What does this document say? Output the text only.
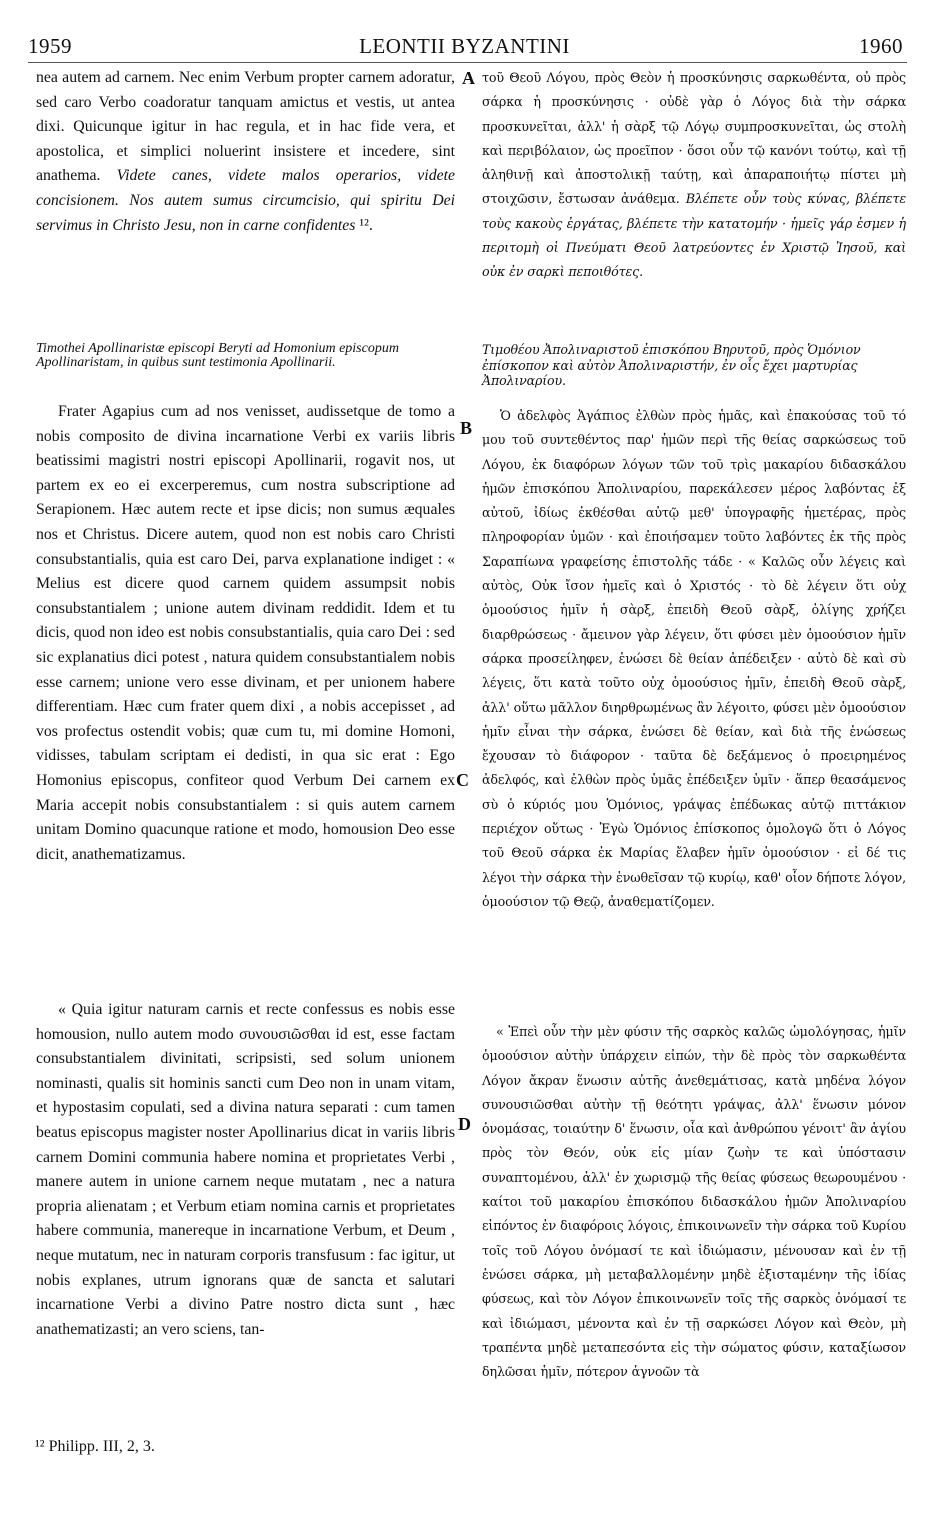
1959	LEONTII BYZANTINI	1960

nea autem ad carnem. Nec enim Verbum propter carnem adoratur, sed caro Verbo coadoratur tanquam amictus et vestis, ut antea dixi. Quicunque igitur in hac regula, et in hac fide vera, et apostolica, et simplici noluerint insistere et incedere, sint anathema. Videte canes, videte malos operarios, videte concisionem. Nos autem sumus circumcisio, qui spiritu Dei servimus in Christo Jesu, non in carne confidentes ¹².

Timothei Apollinaristæ episcopi Beryti ad Homonium episcopum Apollinaristam, in quibus sunt testimonia Apollinarii.

Frater Agapius cum ad nos venisset, audissetque de tomo a nobis composito de divina incarnatione Verbi ex variis libris beatissimi magistri nostri episcopi Apollinarii, rogavit nos, ut partem ex eo ei excerperemus, cum nostra subscriptione ad Serapionem. Hæc autem recte et ipse dicis; non sumus æquales nos et Christus. Dicere autem, quod non est nobis caro Christi consubstantialis, quia est caro Dei, parva explanatione indiget : « Melius est dicere quod carnem quidem assumpsit nobis consubstantialem ; unione autem divinam reddidit. Idem et tu dicis, quod non ideo est nobis consubstantialis, quia caro Dei : sed sic explanatius dici potest , natura quidem consubstantialem nobis esse carnem; unione vero esse divinam, et per unionem habere differentiam. Hæc cum frater quem dixi , a nobis accepisset , ad vos profectus ostendit vobis; quæ cum tu, mi domine Homoni, vidisses, tabulam scriptam ei dedisti, in qua sic erat : Ego Homonius episcopus, confiteor quod Verbum Dei carnem ex Maria accepit nobis consubstantialem : si quis autem carnem unitam Domino quacunque ratione et modo, homousion Deo esse dicit, anathematizamus.

« Quia igitur naturam carnis et recte confessus es nobis esse homousion, nullo autem modo συνουσιῶσθαι id est, esse factam consubstantialem divinitati, scripsisti, sed solum unionem nominasti, qualis sit hominis sancti cum Deo non in unam vitam, et hypostasim copulati, sed a divina natura separati : cum tamen beatus episcopus magister noster Apollinarius dicat in variis libris carnem Domini communia habere nomina et proprietates Verbi , manere autem in unione carnem neque mutatam , nec a natura propria alienatam ; et Verbum etiam nomina carnis et proprietates habere communia, manereque in incarnatione Verbum, et Deum , neque mutatum, nec in naturam corporis transfusum : fac igitur, ut nobis explanes, utrum ignorans quæ de sancta et salutari incarnatione Verbi a divino Patre nostro dicta sunt , hæc anathematizasti; an vero sciens, tan-

A
B
C
D

τοῦ Θεοῦ Λόγου, πρὸς Θεὸν ἡ προσκύνησις σαρκωθέντα, οὐ πρὸς σάρκα ἡ προσκύνησις · οὐδὲ γὰρ ὁ Λόγος διὰ τὴν σάρκα προσκυνεῖται, ἀλλ' ἡ σὰρξ τῷ Λόγῳ συμπροσκυνεῖται, ὡς στολὴ καὶ περιβόλαιον, ὡς προεῖπον · ὅσοι οὖν τῷ κανόνι τούτῳ, καὶ τῇ ἀληθινῇ καὶ ἀποστολικῇ ταύτῃ, καὶ ἀπαραποιήτῳ πίστει μὴ στοιχῶσιν, ἔστωσαν ἀνάθεμα. Βλέπετε οὖν τοὺς κύνας, βλέπετε τοὺς κακοὺς ἐργάτας, βλέπετε τὴν κατατομήν · ἡμεῖς γάρ ἐσμεν ἡ περιτομὴ οἱ Πνεύματι Θεοῦ λατρεύοντες ἐν Χριστῷ Ἰησοῦ, καὶ οὐκ ἐν σαρκὶ πεποιθότες.

Τιμοθέου Ἀπολιναριστοῦ ἐπισκόπου Βηρυτοῦ, πρὸς Ὁμόνιον ἐπίσκοπον καὶ αὐτὸν Ἀπολιναριστήν, ἐν οἷς ἔχει μαρτυρίας Ἀπολιναρίου.

Ὁ ἀδελφὸς Ἀγάπιος ἐλθὼν πρὸς ἡμᾶς, καὶ ἐπακούσας τοῦ τό μου τοῦ συντεθέντος παρ' ἡμῶν περὶ τῆς θείας σαρκώσεως τοῦ Λόγου, ἐκ διαφόρων λόγων τῶν τοῦ τρὶς μακαρίου διδασκάλου ἡμῶν ἐπισκόπου Ἀπολιναρίου, παρεκάλεσεν μέρος λαβόντας ἐξ αὐτοῦ, ἰδίως ἐκθέσθαι αὐτῷ μεθ' ὑπογραφῆς ἡμετέρας, πρὸς πληροφορίαν ὑμῶν · καὶ ἐποιήσαμεν τοῦτο λαβόντες ἐκ τῆς πρὸς Σαραπίωνα γραφείσης ἐπιστολῆς τάδε · « Καλῶς οὖν λέγεις καὶ αὐτὸς, Οὐκ ἴσον ἡμεῖς καὶ ὁ Χριστός · τὸ δὲ λέγειν ὅτι οὐχ ὁμοούσιος ἡμῖν ἡ σὰρξ, ἐπειδὴ Θεοῦ σὰρξ, ὀλίγης χρήζει διαρθρώσεως · ἄμεινον γὰρ λέγειν, ὅτι φύσει μὲν ὁμοούσιον ἡμῖν σάρκα προσείληφεν, ἑνώσει δὲ θείαν ἀπέδειξεν · αὐτὸ δὲ καὶ σὺ λέγεις, ὅτι κατὰ τοῦτο οὐχ ὁμοούσιος ἡμῖν, ἐπειδὴ Θεοῦ σὰρξ, ἀλλ' οὕτω μᾶλλον διηρθρωμένως ἂν λέγοιτο, φύσει μὲν ὁμοούσιον ἡμῖν εἶναι τὴν σάρκα, ἑνώσει δὲ θείαν, καὶ διὰ τῆς ἑνώσεως ἔχουσαν τὸ διάφορον · ταῦτα δὲ δεξάμενος ὁ προειρημένος ἀδελφός, καὶ ἐλθὼν πρὸς ὑμᾶς ἐπέδειξεν ὑμῖν · ἅπερ θεασάμενος σὺ ὁ κύριός μου Ὁμόνιος, γράψας ἐπέδωκας αὐτῷ πιττάκιον περιέχον οὕτως · Ἐγὼ Ὁμόνιος ἐπίσκοπος ὁμολογῶ ὅτι ὁ Λόγος τοῦ Θεοῦ σάρκα ἐκ Μαρίας ἔλαβεν ἡμῖν ὁμοούσιον · εἰ δέ τις λέγοι τὴν σάρκα τὴν ἑνωθεῖσαν τῷ κυρίῳ, καθ' οἷον δήποτε λόγον, ὁμοούσιον τῷ Θεῷ, ἀναθεματίζομεν.

« Ἐπεὶ οὖν τὴν μὲν φύσιν τῆς σαρκὸς καλῶς ὡμολόγησας, ἡμῖν ὁμοούσιον αὐτὴν ὑπάρχειν εἰπών, τὴν δὲ πρὸς τὸν σαρκωθέντα Λόγον ἄκραν ἕνωσιν αὐτῆς ἀνεθεμάτισας, κατὰ μηδένα λόγον συνουσιῶσθαι αὐτὴν τῇ θεότητι γράψας, ἀλλ' ἕνωσιν μόνον ὀνομάσας, τοιαύτην δ' ἕνωσιν, οἷα καὶ ἀνθρώπου γένοιτ' ἂν ἁγίου πρὸς τὸν Θεόν, οὐκ εἰς μίαν ζωὴν τε καὶ ὑπόστασιν συναπτομένου, ἀλλ' ἐν χωρισμῷ τῆς θείας φύσεως θεωρουμένου · καίτοι τοῦ μακαρίου ἐπισκόπου διδασκάλου ἡμῶν Ἀπολιναρίου εἰπόντος ἐν διαφόροις λόγοις, ἐπικοινωνεῖν τὴν σάρκα τοῦ Κυρίου τοῖς τοῦ Λόγου ὀνόμασί τε καὶ ἰδιώμασιν, μένουσαν καὶ ἐν τῇ ἑνώσει σάρκα, μὴ μεταβαλλομένην μηδὲ ἐξισταμένην τῆς ἰδίας φύσεως, καὶ τὸν Λόγον ἐπικοινωνεῖν τοῖς τῆς σαρκὸς ὀνόμασί τε καὶ ἰδιώμασι, μένοντα καὶ ἐν τῇ σαρκώσει Λόγον καὶ Θεὸν, μὴ τραπέντα μηδὲ μεταπεσόντα εἰς τὴν σώματος φύσιν, καταξίωσον δηλῶσαι ἡμῖν, πότερον ἀγνοῶν τὰ

¹² Philipp. III, 2, 3.
